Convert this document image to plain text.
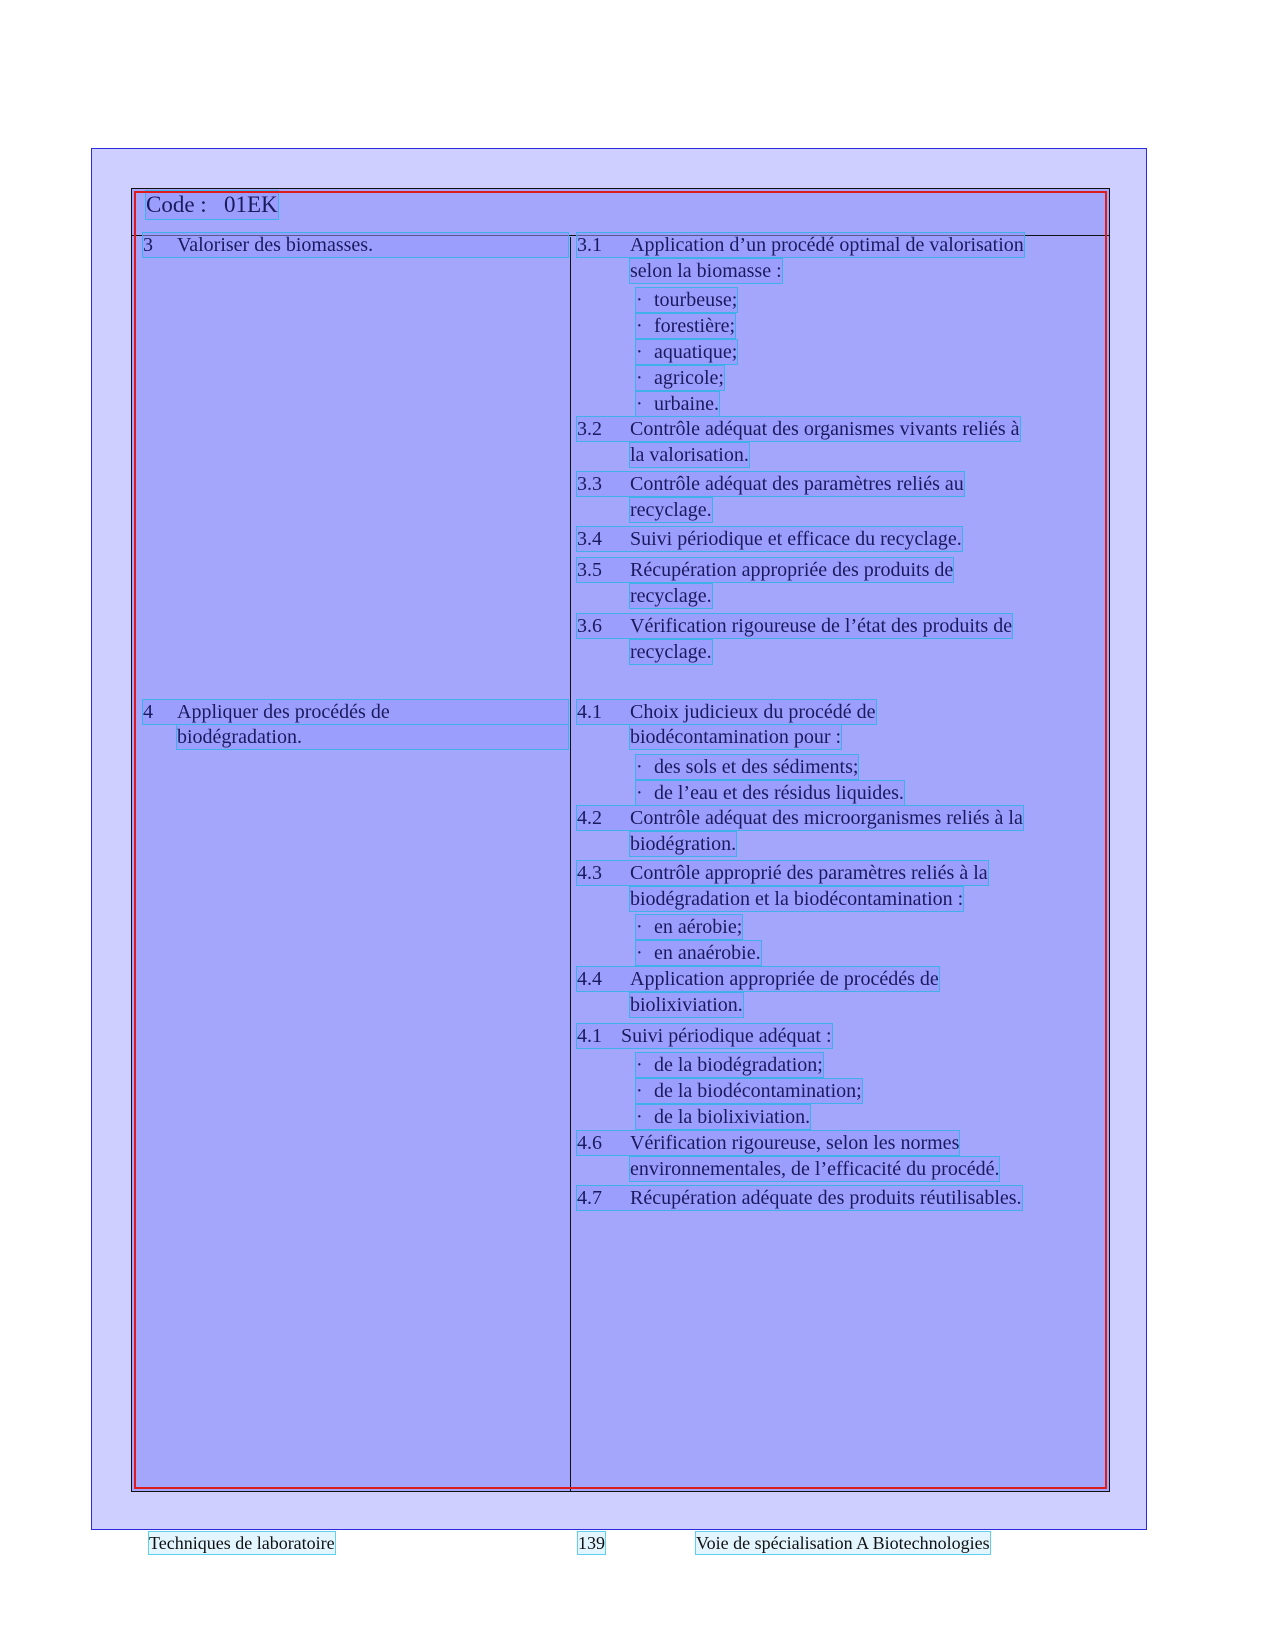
Code : 01EK
3 Valoriser des biomasses.
4 Appliquer des procédés de
biodégradation.
3.1 Application d’un procédé optimal de valorisation
selon la biomasse :
· tourbeuse;
· forestière;
· aquatique;
· agricole;
· urbaine.
3.2 Contrôle adéquat des organismes vivants reliés à
la valorisation.
3.3 Contrôle adéquat des paramètres reliés au
recyclage.
3.4 Suivi périodique et efficace du recyclage.
3.5 Récupération appropriée des produits de
recyclage.
3.6 Vérification rigoureuse de l’état des produits de
recyclage.
4.1 Choix judicieux du procédé de
biodécontamination pour :
· des sols et des sédiments;
· de l’eau et des résidus liquides.
4.2 Contrôle adéquat des microorganismes reliés à la
biodégration.
4.3 Contrôle approprié des paramètres reliés à la
biodégradation et la biodécontamination :
· en aérobie;
· en anaérobie.
4.4 Application appropriée de procédés de
biolixiviation.
4.1 Suivi périodique adéquat :
· de la biodégradation;
· de la biodécontamination;
· de la biolixiviation.
4.6 Vérification rigoureuse, selon les normes
environnementales, de l’efficacité du procédé.
4.7 Récupération adéquate des produits réutilisables.
Techniques de laboratoire	139	Voie de spécialisation A Biotechnologies
